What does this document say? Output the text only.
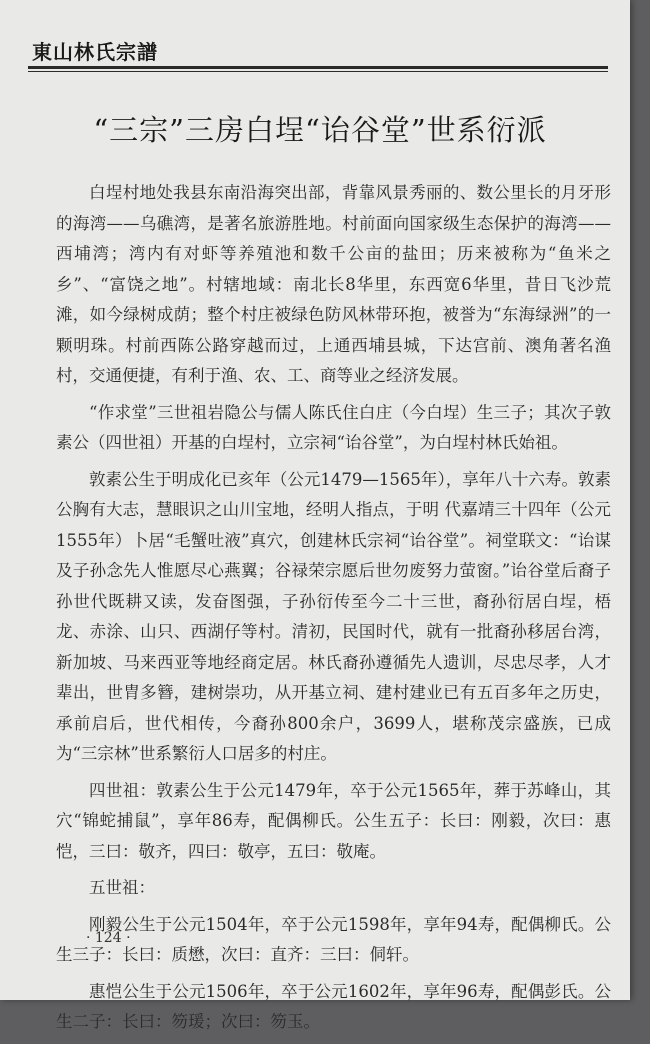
東山林氏宗譜
“三宗”三房白埕“诒谷堂”世系衍派

白埕村地处我县东南沿海突出部，背靠风景秀丽的、数公里长的月牙形的海湾——乌礁湾，是著名旅游胜地。村前面向国家级生态保护的海湾——西埔湾；湾内有对虾等养殖池和数千公亩的盐田；历来被称为“鱼米之乡”、“富饶之地”。村辖地域：南北长8华里，东西宽6华里，昔日飞沙荒滩，如今绿树成荫；整个村庄被绿色防风林带环抱，被誉为“东海绿洲”的一颗明珠。村前西陈公路穿越而过，上通西埔县城，下达宫前、澳角著名渔村，交通便捷，有利于渔、农、工、商等业之经济发展。

“作求堂”三世祖岩隐公与儒人陈氏住白庄（今白埕）生三子；其次子敦素公（四世祖）开基的白埕村，立宗祠“诒谷堂”，为白埕村林氏始祖。

敦素公生于明成化已亥年（公元1479—1565年），享年八十六寿。敦素公胸有大志，慧眼识之山川宝地，经明人指点，于明 代嘉靖三十四年（公元1555年）卜居“毛蟹吐液”真穴，创建林氏宗祠“诒谷堂”。祠堂联文：“诒谋及子孙念先人惟愿尽心燕翼；谷禄荣宗愿后世勿废努力萤窗。”诒谷堂后裔子孙世代既耕又读，发奋图强，子孙衍传至今二十三世，裔孙衍居白埕，梧龙、赤涂、山只、西湖仔等村。清初，民国时代，就有一批裔孙移居台湾，新加坡、马来西亚等地经商定居。林氏裔孙遵循先人遗训，尽忠尽孝，人才辈出，世胄多簪，建树崇功，从开基立祠、建村建业已有五百多年之历史，承前启后，世代相传，今裔孙800余户，3699人，堪称茂宗盛族，已成为“三宗林”世系繁衍人口居多的村庄。

四世祖：敦素公生于公元1479年，卒于公元1565年，葬于苏峰山，其穴“锦蛇捕鼠”，享年86寿，配偶柳氏。公生五子：长曰：刚毅，次曰：惠恺，三曰：敬齐，四曰：敬亭，五曰：敬庵。

五世祖：

刚毅公生于公元1504年，卒于公元1598年，享年94寿，配偶柳氏。公生三子：长曰：质懋，次曰：直齐：三曰：侗轩。

惠恺公生于公元1506年，卒于公元1602年，享年96寿，配偶彭氏。公生二子：长曰：笏瑗；次曰：笏玉。

· 124 ·
